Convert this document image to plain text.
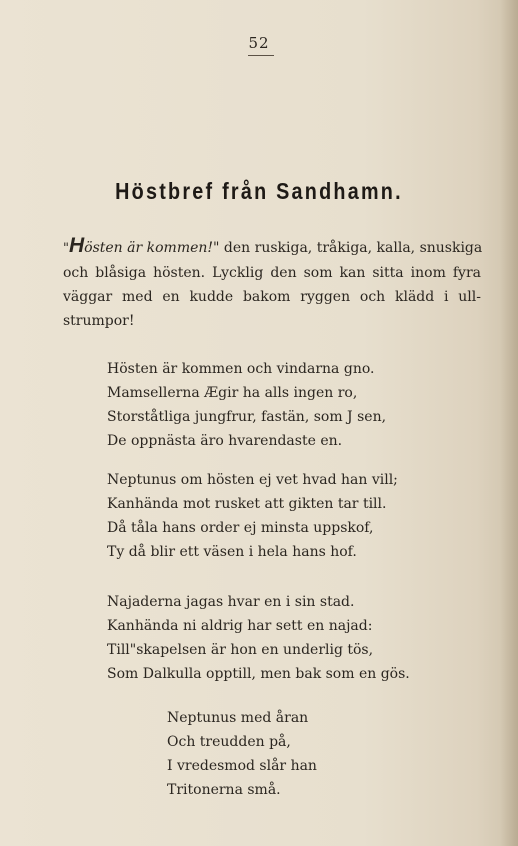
52
Höstbref från Sandhamn.
"Hösten är kommen!" den ruskiga, tråkiga, kalla, snuskiga
och blåsiga hösten. Lycklig den som kan sitta inom fyra
väggar med en kudde bakom ryggen och klädd i ull-
strumpor!
Hösten är kommen och vindarna gno.
Mamsellerna Ægir ha alls ingen ro,
Storståtliga jungfrur, fastän, som J sen,
De oppnästa äro hvarendaste en.
Neptunus om hösten ej vet hvad han vill;
Kanhända mot rusket att gikten tar till.
Då tåla hans order ej minsta uppskof,
Ty då blir ett väsen i hela hans hof.
Najaderna jagas hvar en i sin stad.
Kanhända ni aldrig har sett en najad:
Till"skapelsen är hon en underlig tös,
Som Dalkulla opptill, men bak som en gös.
Neptunus med åran
Och treudden på,
I vredesmod slår han
Tritonerna små.
